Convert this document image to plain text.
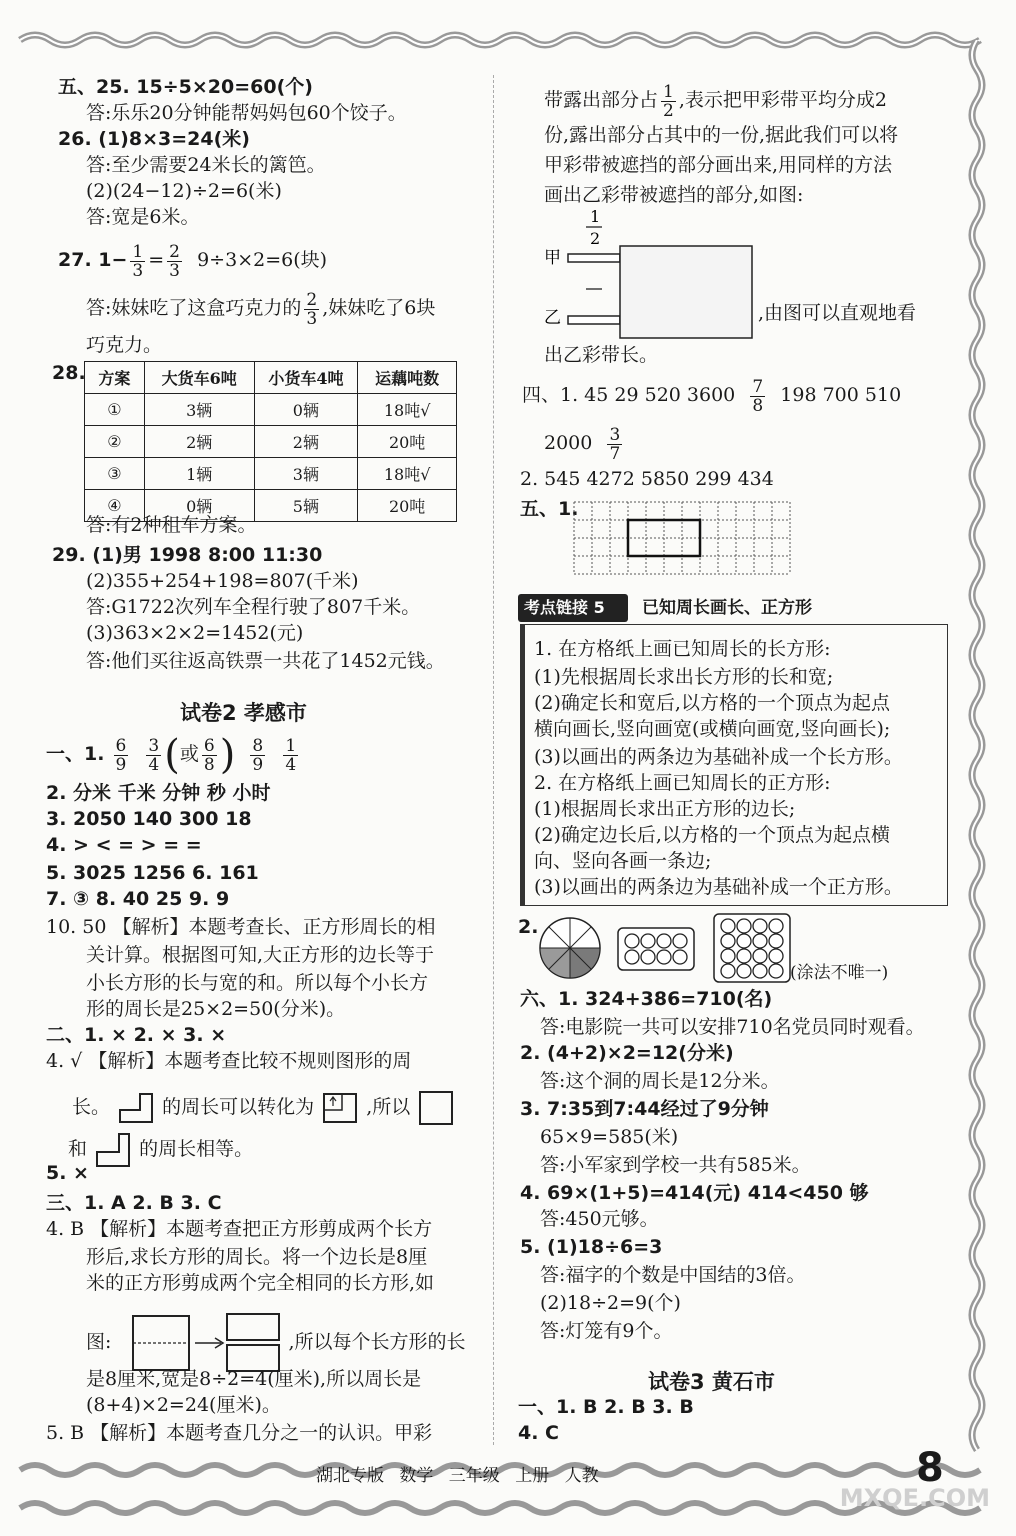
五、25. 15÷5×20=60(个)
答:乐乐20分钟能帮妈妈包60个饺子。
26. (1)8×3=24(米)
答:至少需要24米长的篱笆。
(2)(24−12)÷2=6(米)
答:宽是6米。
27. $1- \frac{1}{3} = \frac{2}{3} 9\div 3\times 2=6$(块)
答:妹妹吃了这盒巧克力的 $\frac{2}{3}$ ,妹妹吃了6块
巧克力。
28. 方案	大货车6吨	小货车4吨	运藕吨数
①	3辆	0辆	18吨√
②	2辆	2辆	20吨
③	1辆	3辆	18吨√
④	0辆	5辆	20吨
答:有2种租车方案。
29. (1)男 1998 8:00 11:30
(2)355+254+198=807(千米)
答:G1722次列车全程行驶了807千米。
(3)363×2×2=1452(元)
答:他们买往返高铁票一共花了1452元钱。
试卷2 孝感市
一、1. $\frac{6}{9}$
$\frac{3}{4}$ (或 $\frac{6}{8}$ ) $\frac{8}{9}$
$\frac{1}{4}$
2. 分米 千米 分钟 秒 小时
3. 2050 140 300 18
4. > < = > = =
5. 3025 1256 6. 161
7. ③ 8. 40 25 9. 9
10. 50 【解析】本题考查长、正方形周长的相
关计算。根据图可知,大正方形的边长等于
小长方形的长与宽的和。所以每个小长方
形的周长是25×2=50(分米)。
二、1. × 2. × 3. ×
4. √ 【解析】本题考查比较不规则图形的周
长。	的周长可以转化为	,所以
和	的周长相等。
5. ×
三、1. A 2. B 3. C
4. B 【解析】本题考查把正方形剪成两个长方
形后,求长方形的周长。将一个边长是8厘
米的正方形剪成两个完全相同的长方形,如
图:	,所以每个长方形的长
是8厘米,宽是8÷2=4(厘米),所以周长是
(8+4)×2=24(厘米)。
5. B 【解析】本题考查几分之一的认识。甲彩
带露出部分占 $\frac{1}{2}$ ,表示把甲彩带平均分成2
份,露出部分占其中的一份,据此我们可以将
甲彩带被遮挡的部分画出来,用同样的方法
画出乙彩带被遮挡的部分,如图:
甲
乙
1
2
,由图可以直观地看
出乙彩带长。
四、1. 45 29 520 $3600 \frac{7}{8} 198$ 700 510
$2000 \frac{3}{7}$
2. 545 4272 5850 299 434
五、1.
考点链接 5	已知周长画长、正方形
1. 在方格纸上画已知周长的长方形:
(1)先根据周长求出长方形的长和宽;
(2)确定长和宽后,以方格的一个顶点为起点
横向画长,竖向画宽(或横向画宽,竖向画长);
(3)以画出的两条边为基础补成一个长方形。
2. 在方格纸上画已知周长的正方形:
(1)根据周长求出正方形的边长;
(2)确定边长后,以方格的一个顶点为起点横
向、竖向各画一条边;
(3)以画出的两条边为基础补成一个正方形。
2.
(涂法不唯一)
六、1. 324+386=710(名)
答:电影院一共可以安排710名党员同时观看。
2. (4+2)×2=12(分米)
答:这个洞的周长是12分米。
3. 7:35到7:44经过了9分钟
65×9=585(米)
答:小军家到学校一共有585米。
4. 69×(1+5)=414(元) 414<450 够
答:450元够。
5. (1)18÷6=3
答:福字的个数是中国结的3倍。
(2)18÷2=9(个)
答:灯笼有9个。
试卷3 黄石市
一、1. B 2. B 3. B
4. C
湖北专版 数学 三年级 上册 人教	8
MXQE.COM
